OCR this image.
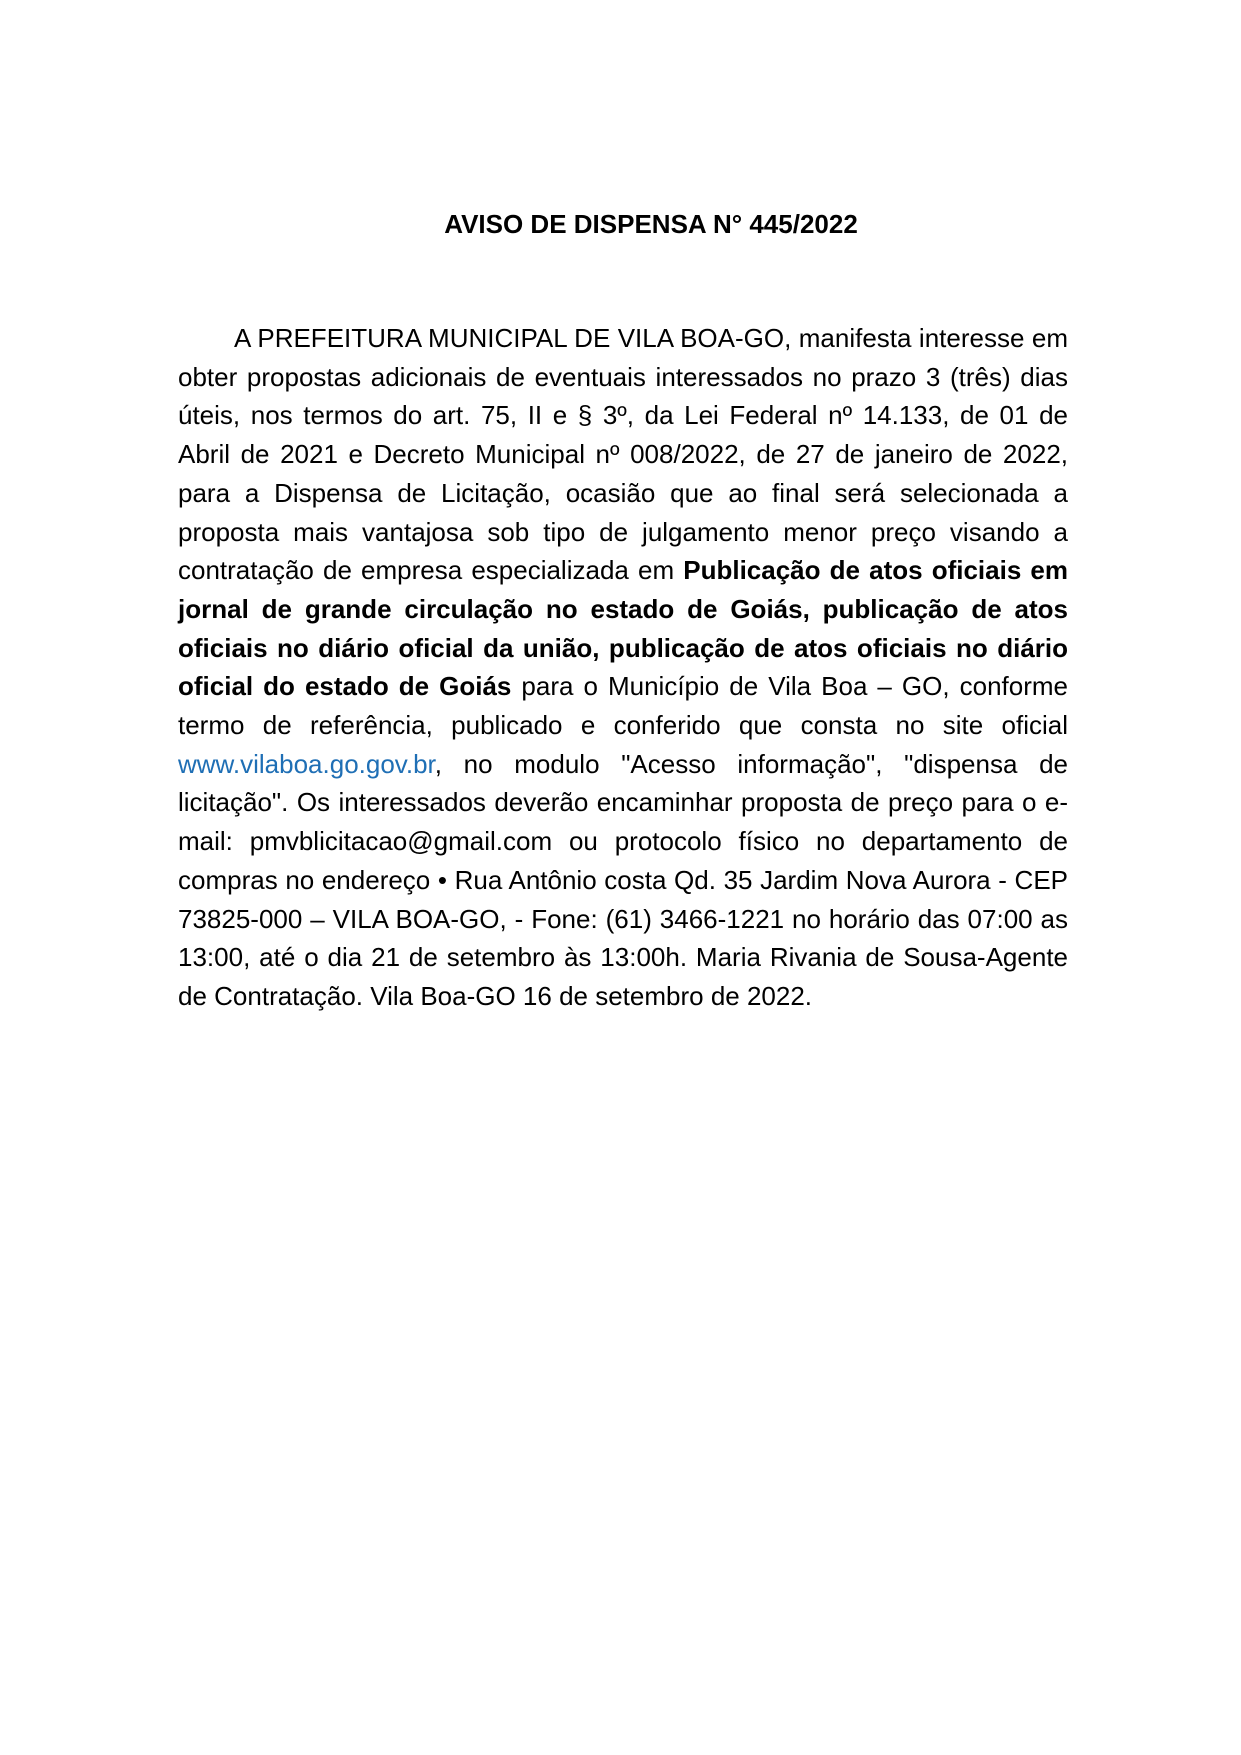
AVISO DE DISPENSA N° 445/2022

A PREFEITURA MUNICIPAL DE VILA BOA-GO, manifesta interesse em obter propostas adicionais de eventuais interessados no prazo 3 (três) dias úteis, nos termos do art. 75, II e § 3º, da Lei Federal nº 14.133, de 01 de Abril de 2021 e Decreto Municipal nº 008/2022, de 27 de janeiro de 2022, para a Dispensa de Licitação, ocasião que ao final será selecionada a proposta mais vantajosa sob tipo de julgamento menor preço visando a contratação de empresa especializada em Publicação de atos oficiais em jornal de grande circulação no estado de Goiás, publicação de atos oficiais no diário oficial da união, publicação de atos oficiais no diário oficial do estado de Goiás para o Município de Vila Boa – GO, conforme termo de referência, publicado e conferido que consta no site oficial www.vilaboa.go.gov.br, no modulo "Acesso informação", "dispensa de licitação". Os interessados deverão encaminhar proposta de preço para o e-mail: pmvblicitacao@gmail.com ou protocolo físico no departamento de compras no endereço • Rua Antônio costa Qd. 35 Jardim Nova Aurora - CEP 73825-000 – VILA BOA-GO, - Fone: (61) 3466-1221 no horário das 07:00 as 13:00, até o dia 21 de setembro às 13:00h. Maria Rivania de Sousa-Agente de Contratação. Vila Boa-GO 16 de setembro de 2022.
